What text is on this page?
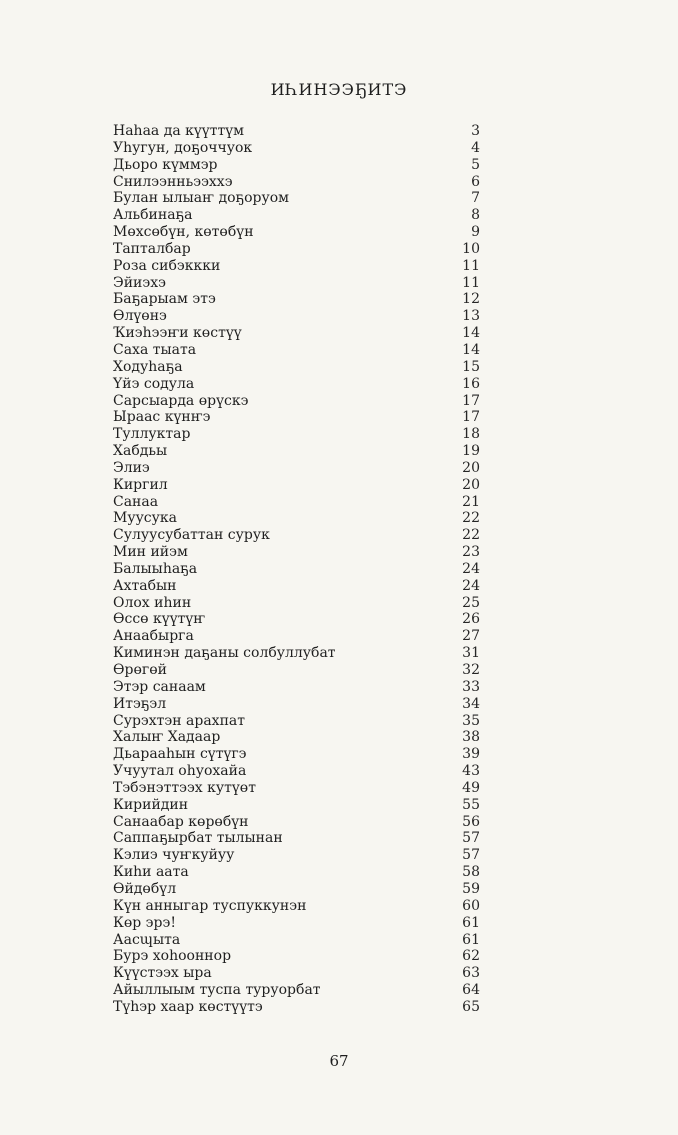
ИҺИНЭЭҔИТЭ
Наһаа да күүттүм	3
Уһугун, доҕоччуок	4
Дьоро күммэр	5
Снилээнньээххэ	6
Булан ылыаҥ доҕоруом	7
Альбинаҕа	8
Мөхсөбүн, көтөбүн	9
Тапталбар	10
Роза сибэккки	11
Эйиэхэ	11
Баҕарыам этэ	12
Өлүөнэ	13
Ҡиэһээҥи көстүү	14
Саха тыата	14
Ходуһаҕа	15
Үйэ содула	16
Сарсыарда өрүскэ	17
Ыраас күнҥэ	17
Туллуктар	18
Хабдьы	19
Элиэ	20
Киргил	20
Санаа	21
Муусука	22
Сулуусубаттан сурук	22
Мин ийэм	23
Балыыһаҕа	24
Ахтабын	24
Олох иһин	25
Өссө күүтүҥ	26
Анаабырга	27
Киминэн даҕаны солбуллубат	31
Өрөгөй	32
Этэр санаам	33
Итэҕэл	34
Сурэхтэн арахпат	35
Халыҥ Хадаар	38
Дьарааһын сүтүгэ	39
Учуутал оһуохайа	43
Тэбэнэттээх кутүөт	49
Кирийдин	55
Санаабар көрөбүн	56
Саппаҕырбат тылынан	57
Кэлиэ чуҥкуйуу	57
Киһи аата	58
Өйдөбүл	59
Күн анныгар туспуккунэн	60
Көр эрэ!	61
Аасպыта	61
Бурэ хоһооннор	62
Күүстээх ыра	63
Айыллыым туспа туруорбат	64
Түһэр хаар көстүүтэ	65
67
